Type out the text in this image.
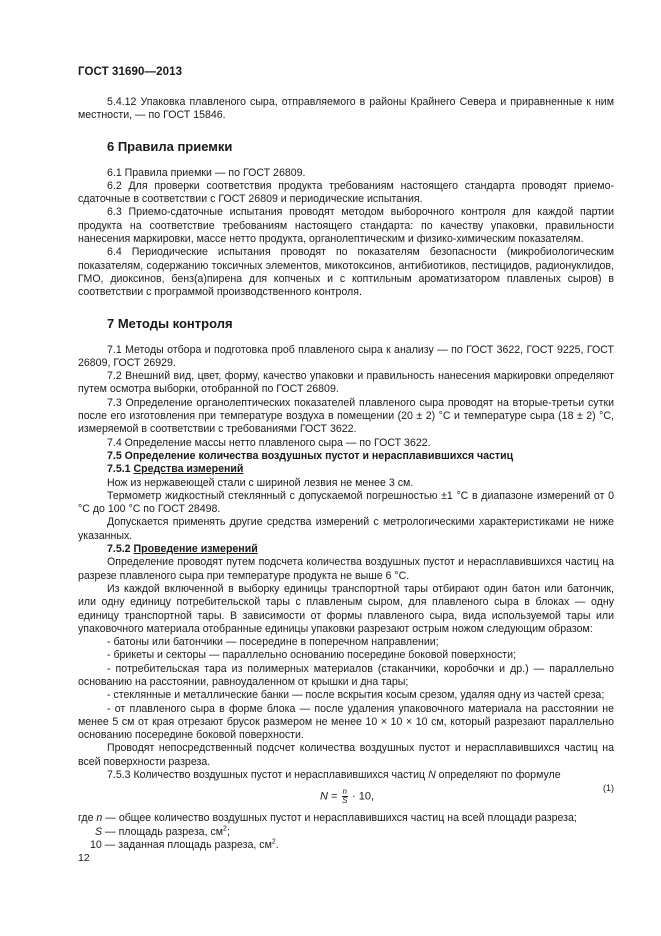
ГОСТ 31690—2013

5.4.12 Упаковка плавленого сыра, отправляемого в районы Крайнего Севера и приравненные к ним местности, — по ГОСТ 15846.

6 Правила приемки

6.1 Правила приемки — по ГОСТ 26809.

6.2 Для проверки соответствия продукта требованиям настоящего стандарта проводят приемо-сдаточные в соответствии с ГОСТ 26809 и периодические испытания.

6.3 Приемо-сдаточные испытания проводят методом выборочного контроля для каждой партии продукта на соответствие требованиям настоящего стандарта: по качеству упаковки, правильности нанесения маркировки, массе нетто продукта, органолептическим и физико-химическим показателям.

6.4 Периодические испытания проводят по показателям безопасности (микробиологическим показателям, содержанию токсичных элементов, микотоксинов, антибиотиков, пестицидов, радионуклидов, ГМО, диоксинов, бенз(а)пирена для копченых и с коптильным ароматизатором плавленых сыров) в соответствии с программой производственного контроля.

7 Методы контроля

7.1 Методы отбора и подготовка проб плавленого сыра к анализу — по ГОСТ 3622, ГОСТ 9225, ГОСТ 26809, ГОСТ 26929.

7.2 Внешний вид, цвет, форму, качество упаковки и правильность нанесения маркировки определяют путем осмотра выборки, отобранной по ГОСТ 26809.

7.3 Определение органолептических показателей плавленого сыра проводят на вторые-третьи сутки после его изготовления при температуре воздуха в помещении (20 ± 2) °С и температуре сыра (18 ± 2) °С, измеряемой в соответствии с требованиями ГОСТ 3622.

7.4 Определение массы нетто плавленого сыра — по ГОСТ 3622.

7.5 Определение количества воздушных пустот и нерасплавившихся частиц

7.5.1 Средства измерений

Нож из нержавеющей стали с шириной лезвия не менее 3 см.

Термометр жидкостный стеклянный с допускаемой погрешностью ±1 °С в диапазоне измерений от 0 °С до 100 °С по ГОСТ 28498.

Допускается применять другие средства измерений с метрологическими характеристиками не ниже указанных.

7.5.2 Проведение измерений

Определение проводят путем подсчета количества воздушных пустот и нерасплавившихся частиц на разрезе плавленого сыра при температуре продукта не выше 6 °С.

Из каждой включенной в выборку единицы транспортной тары отбирают один батон или батончик, или одну единицу потребительской тары с плавленым сыром, для плавленого сыра в блоках — одну единицу транспортной тары. В зависимости от формы плавленого сыра, вида используемой тары или упаковочного материала отобранные единицы упаковки разрезают острым ножом следующим образом:

- батоны или батончики — посередине в поперечном направлении;

- брикеты и секторы — параллельно основанию посередине боковой поверхности;

- потребительская тара из полимерных материалов (стаканчики, коробочки и др.) — параллельно основанию на расстоянии, равноудаленном от крышки и дна тары;

- стеклянные и металлические банки — после вскрытия косым срезом, удаляя одну из частей среза;

- от плавленого сыра в форме блока — после удаления упаковочного материала на расстоянии не менее 5 см от края отрезают брусок размером не менее 10 × 10 × 10 см, который разрезают параллельно основанию посередине боковой поверхности.

Проводят непосредственный подсчет количества воздушных пустот и нерасплавившихся частиц на всей поверхности разреза.

7.5.3 Количество воздушных пустот и нерасплавившихся частиц N определяют по формуле

$N = \frac{n}{S} \cdot 10$,
(1)

где n — общее количество воздушных пустот и нерасплавившихся частиц на всей площади разреза;

S — площадь разреза, $см^2$;

10 — заданная площадь разреза, $см^2$.

12
